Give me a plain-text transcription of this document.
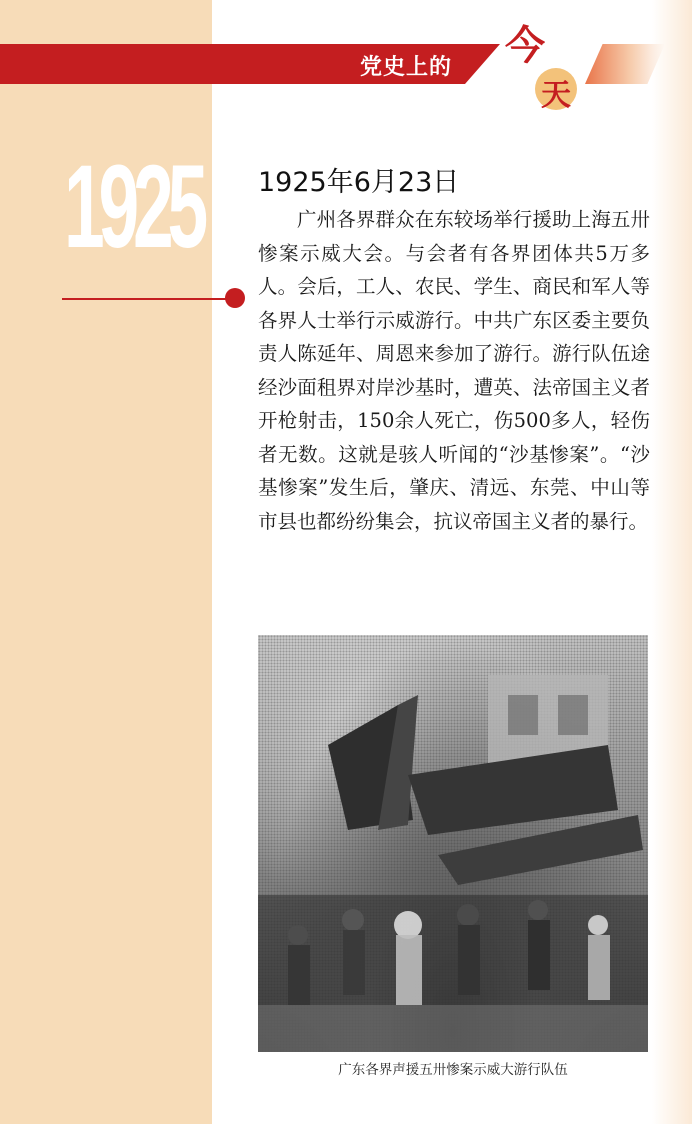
党史上的 今
天
1925 1925年6月23日
广州各界群众在东较场举行援助上海五卅惨案示威大会。与会者有各界团体共5万多人。会后，工人、农民、学生、商民和军人等各界人士举行示威游行。中共广东区委主要负责人陈延年、周恩来参加了游行。游行队伍途经沙面租界对岸沙基时，遭英、法帝国主义者开枪射击，150余人死亡，伤500多人，轻伤者无数。这就是骇人听闻的“沙基惨案”。“沙基惨案”发生后，肇庆、清远、东莞、中山等市县也都纷纷集会，抗议帝国主义者的暴行。
广东各界声援五卅惨案示威大游行队伍
